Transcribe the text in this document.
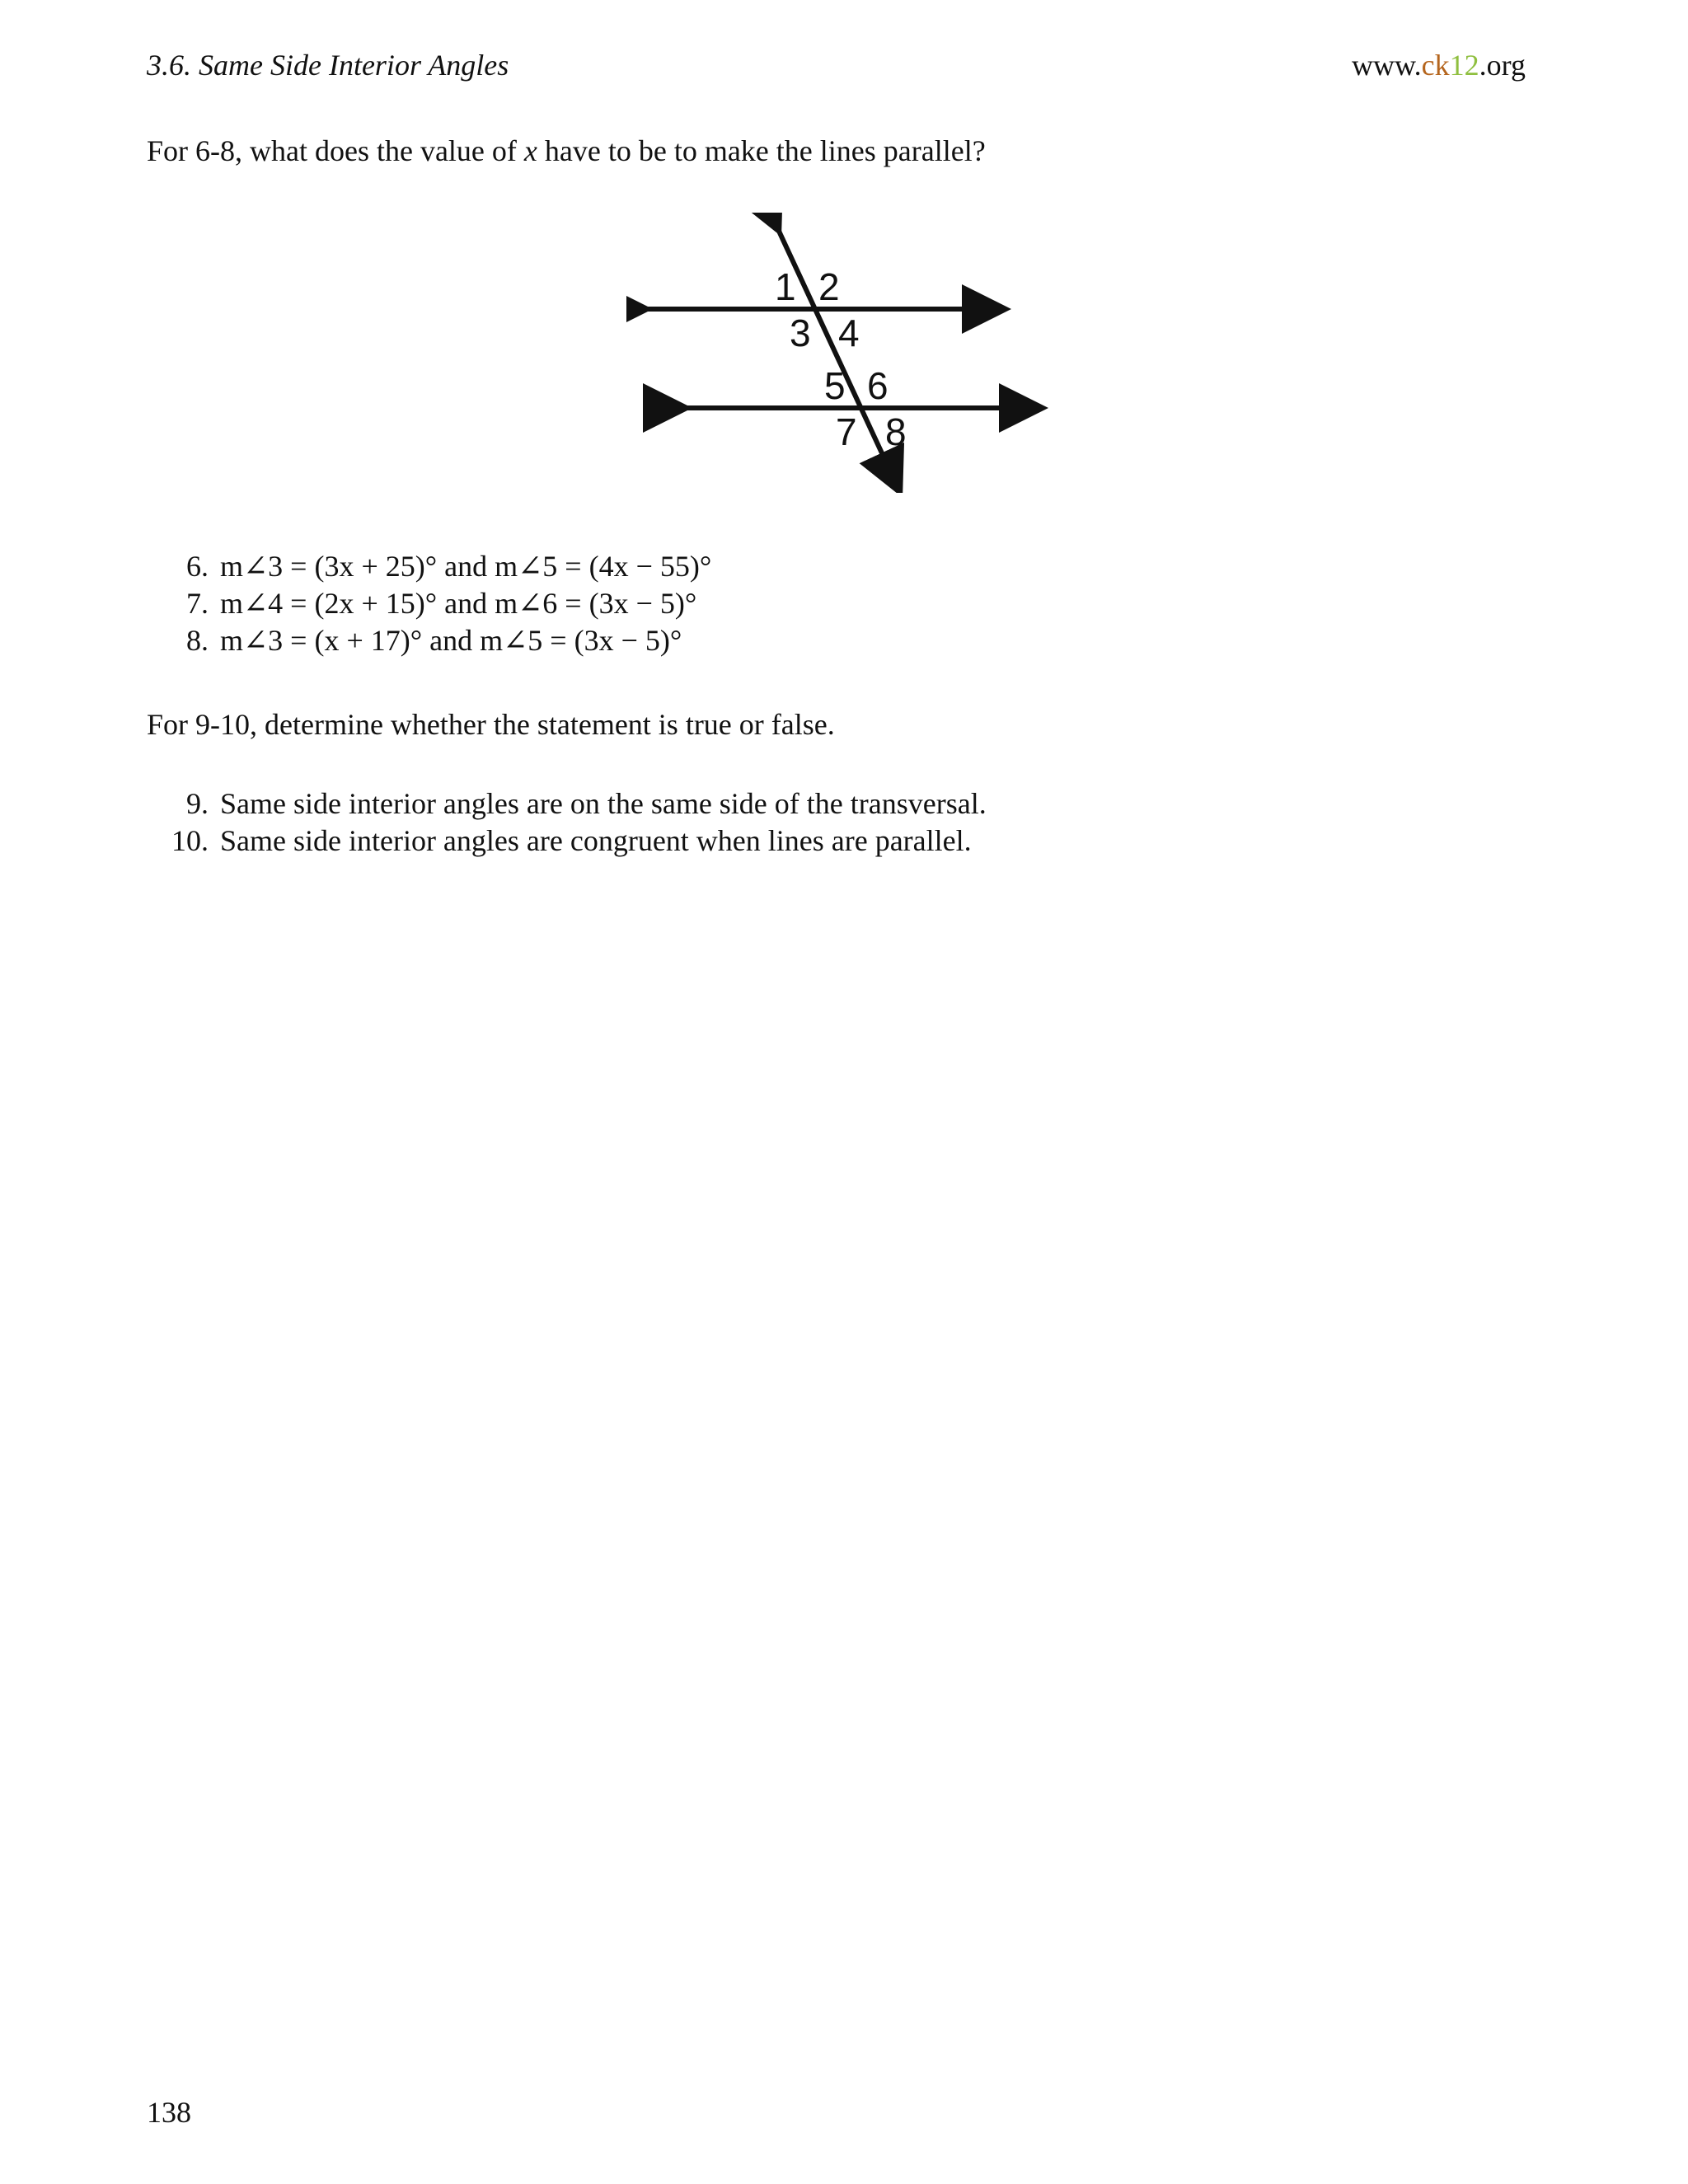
3.6. Same Side Interior Angles	www.ck12.org
For 6-8, what does the value of x have to be to make the lines parallel?
1 2
3 4
5 6
7 8
6. m∠3 = (3x + 25)° and m∠5 = (4x − 55)°
7. m∠4 = (2x + 15)° and m∠6 = (3x − 5)°
8. m∠3 = (x + 17)° and m∠5 = (3x − 5)°
For 9-10, determine whether the statement is true or false.
9. Same side interior angles are on the same side of the transversal.
10. Same side interior angles are congruent when lines are parallel.
138
